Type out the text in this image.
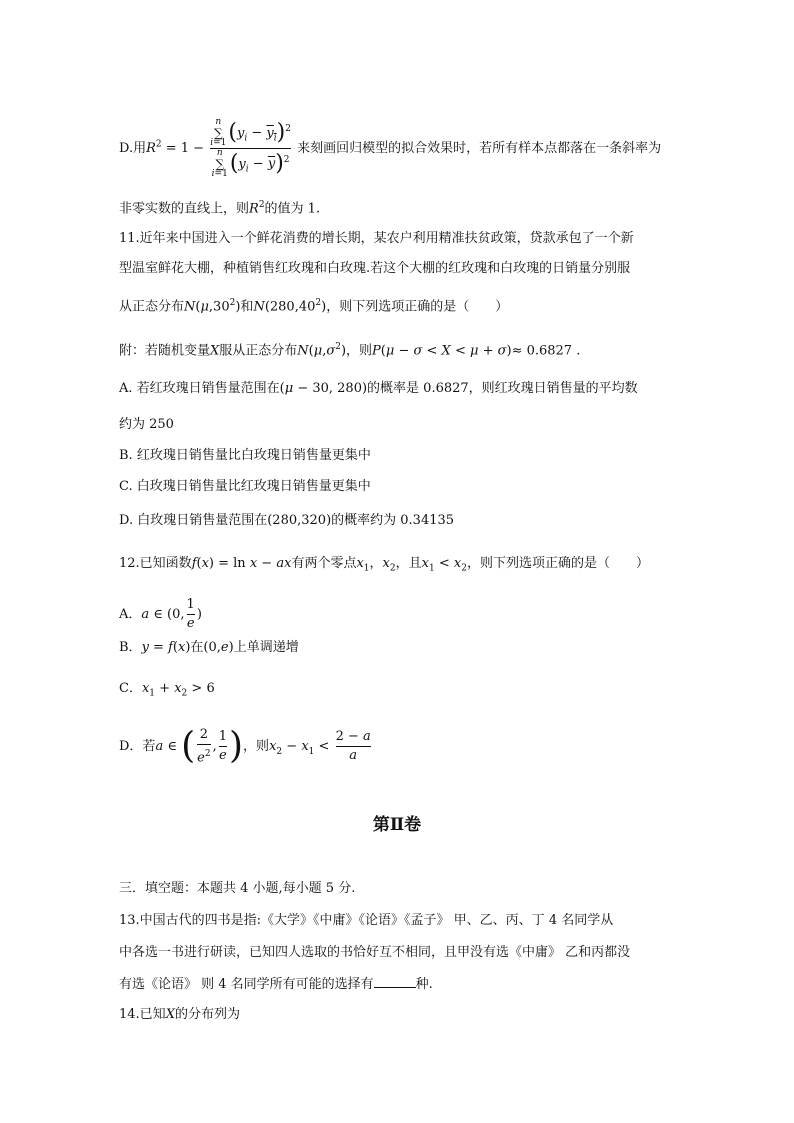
D.用$R^2 = 1 - n$
∑
i=1 $(y_i - y_i)^2$
n
∑
i=1 $(y_i - \overline{y})^2$ 来刻画回归模型的拟合效果时，若所有样本点都落在一条斜率为
非零实数的直线上，则$R^2$的值为 1.
11.近年来中国进入一个鲜花消费的增长期，某农户利用精准扶贫政策，贷款承包了一个新
型温室鲜花大棚，种植销售红玫瑰和白玫瑰.若这个大棚的红玫瑰和白玫瑰的日销量分别服
从正态分布$N(\mu,30^2)$和N(280,40$^2$)，则下列选项正确的是（　　）
附：若随机变量X服从正态分布$N(\mu,\sigma^2)$，则P(μ − σ < X < μ + σ)≈ 0.6827 .
A. 若红玫瑰日销售量范围在(μ − 30, 280)的概率是 0.6827，则红玫瑰日销售量的平均数
约为 250
B. 红玫瑰日销售量比白玫瑰日销售量更集中
C. 白玫瑰日销售量比红玫瑰日销售量更集中
D. 白玫瑰日销售量范围在(280,320)的概率约为 0.34135
12.已知函数f(x) = ln x − ax有两个零点$x_1$，$x_2$，且$x_1 < x_2$，则下列选项正确的是（　　）
A．a ∈ (0, $\frac{1}{e}$ )
B．y = f(x)在(0,e)上单调递增
C．$x_1 + x_2 > 6$
D．若a ∈ ( $\frac{2}{e^2}$ , $\frac{1}{e}$ )，则$x_2 - x_1 < \frac{2 - a}{a}$
第Ⅱ卷
三．填空题：本题共 4 小题,每小题 5 分.
13.中国古代的四书是指:《大学》《中庸》《论语》《孟子》 甲、乙、丙、丁 4 名同学从
中各选一书进行研读，已知四人选取的书恰好互不相同，且甲没有选《中庸》 乙和丙都没
有选《论语》 则 4 名同学所有可能的选择有	种.
14.已知X的分布列为
